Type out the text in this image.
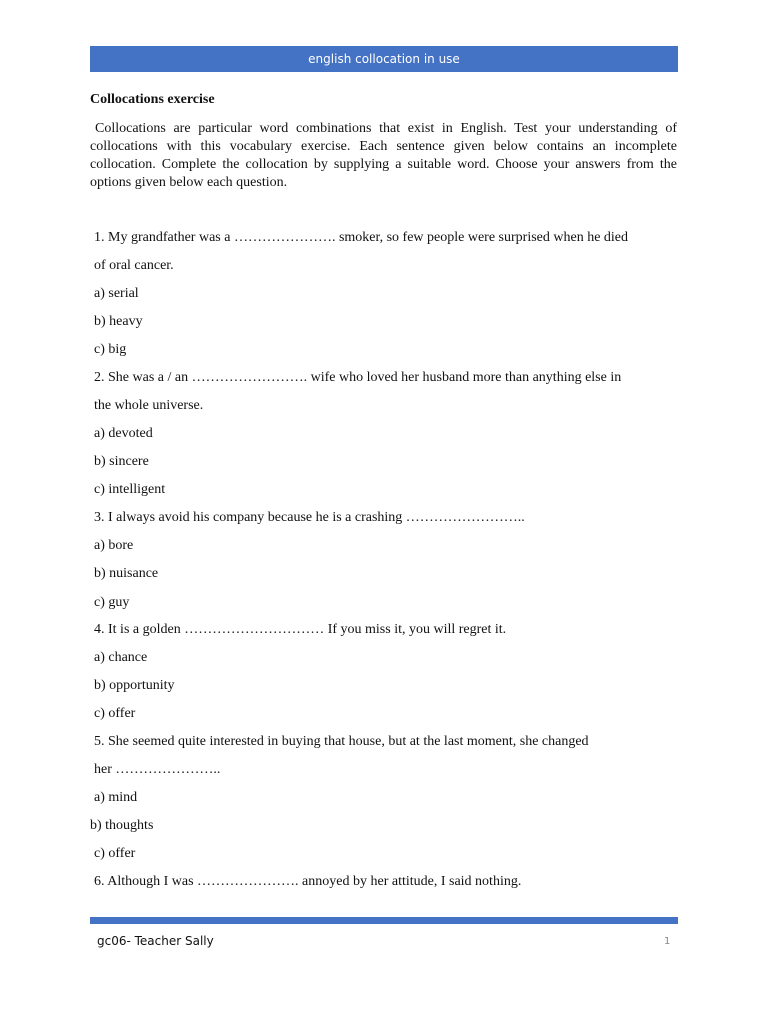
english collocation in use
Collocations exercise

Collocations are particular word combinations that exist in English. Test your understanding of collocations with this vocabulary exercise. Each sentence given below contains an incomplete collocation. Complete the collocation by supplying a suitable word. Choose your answers from the options given below each question.

1. My grandfather was a …………………. smoker, so few people were surprised when he died
of oral cancer.
a) serial
b) heavy
c) big
2. She was a / an ……………………. wife who loved her husband more than anything else in
the whole universe.
a) devoted
b) sincere
c) intelligent
3. I always avoid his company because he is a crashing ……………………..
a) bore
b) nuisance
c) guy
4. It is a golden ………………………… If you miss it, you will regret it.
a) chance
b) opportunity
c) offer
5. She seemed quite interested in buying that house, but at the last moment, she changed
her …………………..
a) mind
b) thoughts
c) offer
6. Although I was …………………. annoyed by her attitude, I said nothing.
gc06- Teacher Sally	1
